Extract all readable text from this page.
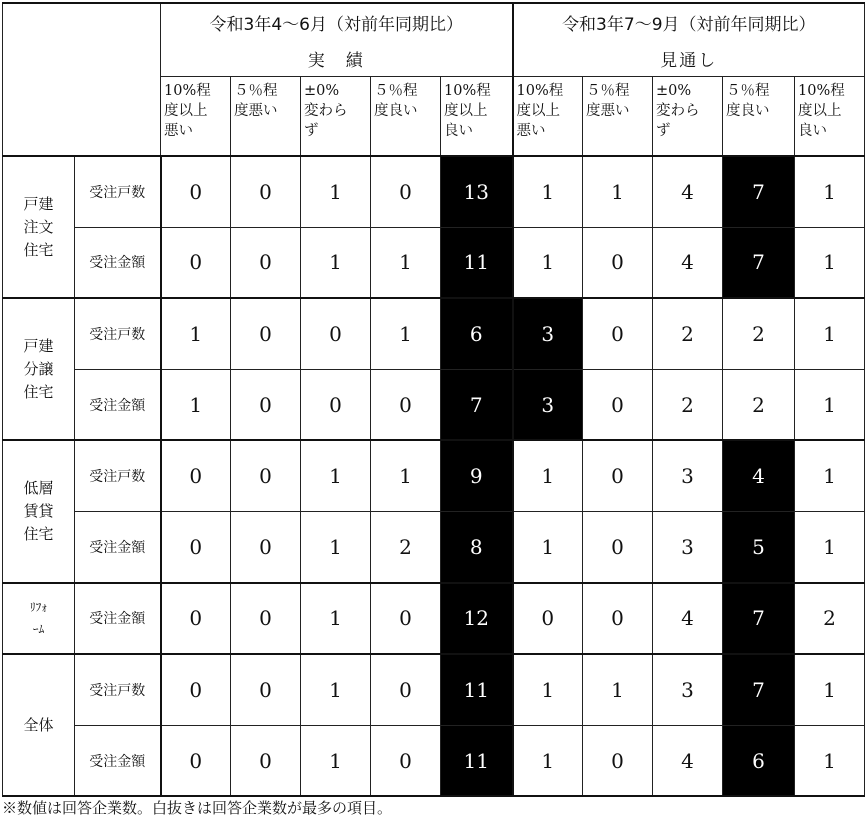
		令和3年4～6月（対前年同期比）					令和3年7～9月（対前年同期比）				
		実　績					見通し				

		10%程
度以上
悪い	５％程
度悪い	±0%
変わら
ず	５％程
度良い	10%程
度以上
良い	10%程
度以上
悪い	５％程
度悪い	±0%
変わら
ず	５％程
度良い	10%程
度以上
良い

戸建
注文
住宅	受注戸数	0	0	1	0	13	1	1	4	7	1
	受注金額	0	0	1	1	11	1	0	4	7	1
戸建
分譲
住宅	受注戸数	1	0	0	1	6	3	0	2	2	1
	受注金額	1	0	0	0	7	3	0	2	2	1
低層
賃貸
住宅	受注戸数	0	0	1	1	9	1	0	3	4	1
	受注金額	0	0	1	2	8	1	0	3	5	1
ﾘﾌｫ
ｰﾑ	受注金額	0	0	1	0	12	0	0	4	7	2
全体	受注戸数	0	0	1	0	11	1	1	3	7	1
	受注金額	0	0	1	0	11	1	0	4	6	1
※数値は回答企業数。白抜きは回答企業数が最多の項目。
